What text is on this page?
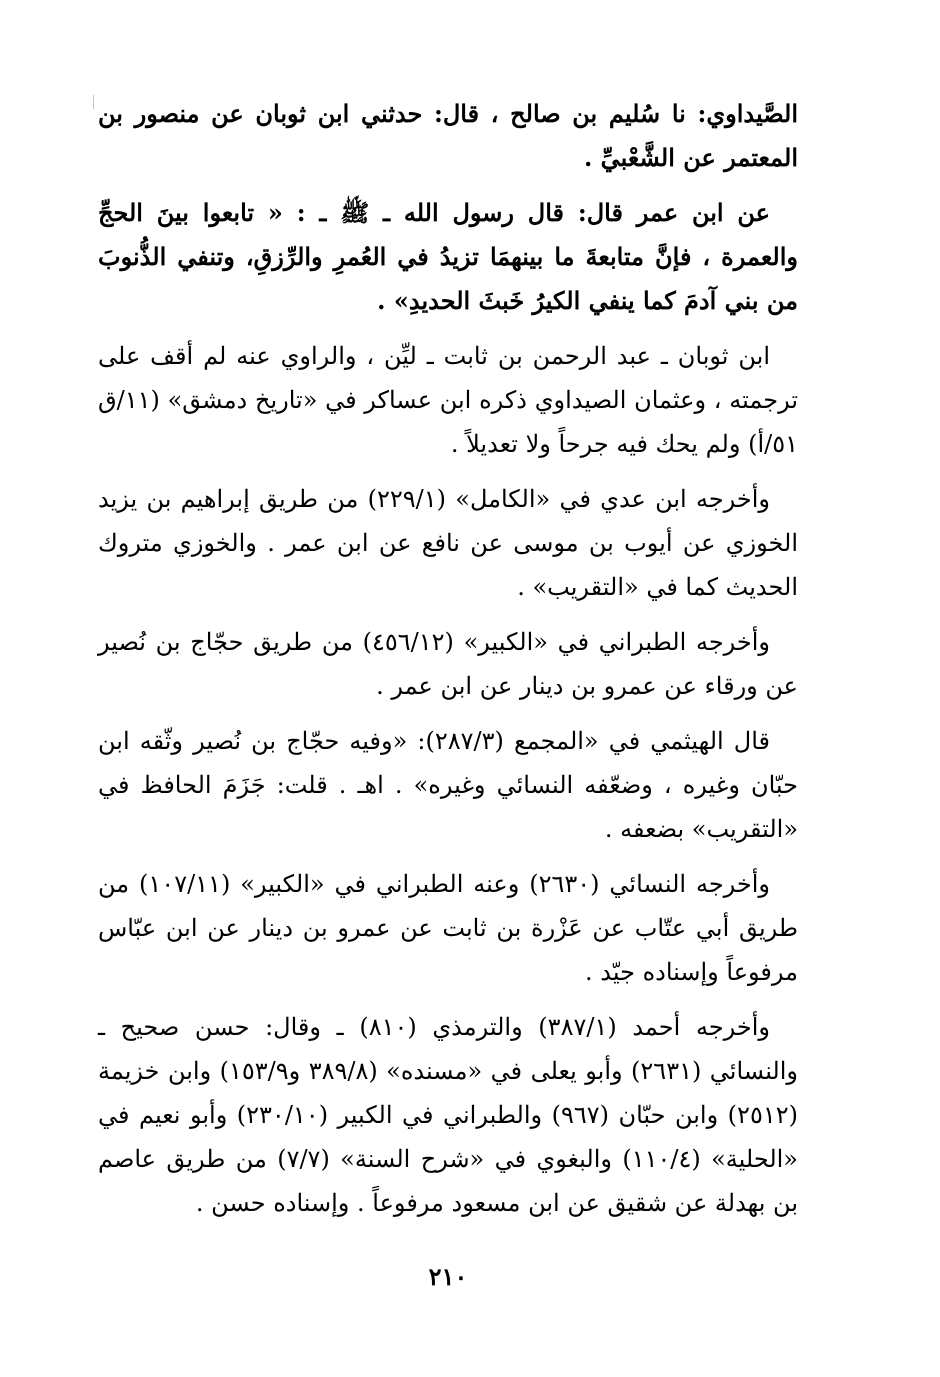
الصَّيداوي: نا سُليم بن صالح ، قال: حدثني ابن ثوبان عن منصور بن المعتمر عن الشَّعْبيِّ .

عن ابن عمر قال: قال رسول الله ـ ﷺ ـ : « تابعوا بينَ الحجِّ والعمرة ، فإنَّ متابعةَ ما بينهمَا تزيدُ في العُمرِ والرِّزقِ، وتنفي الذُّنوبَ من بني آدمَ كما ينفي الكيرُ خَبثَ الحديدِ» .

ابن ثوبان ـ عبد الرحمن بن ثابت ـ ليِّن ، والراوي عنه لم أقف على ترجمته ، وعثمان الصيداوي ذكره ابن عساكر في «تاريخ دمشق» (١١/ق ٥١/أ) ولم يحك فيه جرحاً ولا تعديلاً .

وأخرجه ابن عدي في «الكامل» (٢٢٩/١) من طريق إبراهيم بن يزيد الخوزي عن أيوب بن موسى عن نافع عن ابن عمر . والخوزي متروك الحديث كما في «التقريب» .

وأخرجه الطبراني في «الكبير» (٤٥٦/١٢) من طريق حجّاج بن نُصير عن ورقاء عن عمرو بن دينار عن ابن عمر .

قال الهيثمي في «المجمع (٢٨٧/٣): «وفيه حجّاج بن نُصير وثّقه ابن حبّان وغيره ، وضعّفه النسائي وغيره» . اهـ . قلت: جَزَمَ الحافظ في «التقريب» بضعفه .

وأخرجه النسائي (٢٦٣٠) وعنه الطبراني في «الكبير» (١٠٧/١١) من طريق أبي عتّاب عن عَزْرة بن ثابت عن عمرو بن دينار عن ابن عبّاس مرفوعاً وإسناده جيّد .

وأخرجه أحمد (٣٨٧/١) والترمذي (٨١٠) ـ وقال: حسن صحيح ـ والنسائي (٢٦٣١) وأبو يعلى في «مسنده» (٣٨٩/٨ و١٥٣/٩) وابن خزيمة (٢٥١٢) وابن حبّان (٩٦٧) والطبراني في الكبير (٢٣٠/١٠) وأبو نعيم في «الحلية» (١١٠/٤) والبغوي في «شرح السنة» (٧/٧) من طريق عاصم بن بهدلة عن شقيق عن ابن مسعود مرفوعاً . وإسناده حسن .

٢١٠
